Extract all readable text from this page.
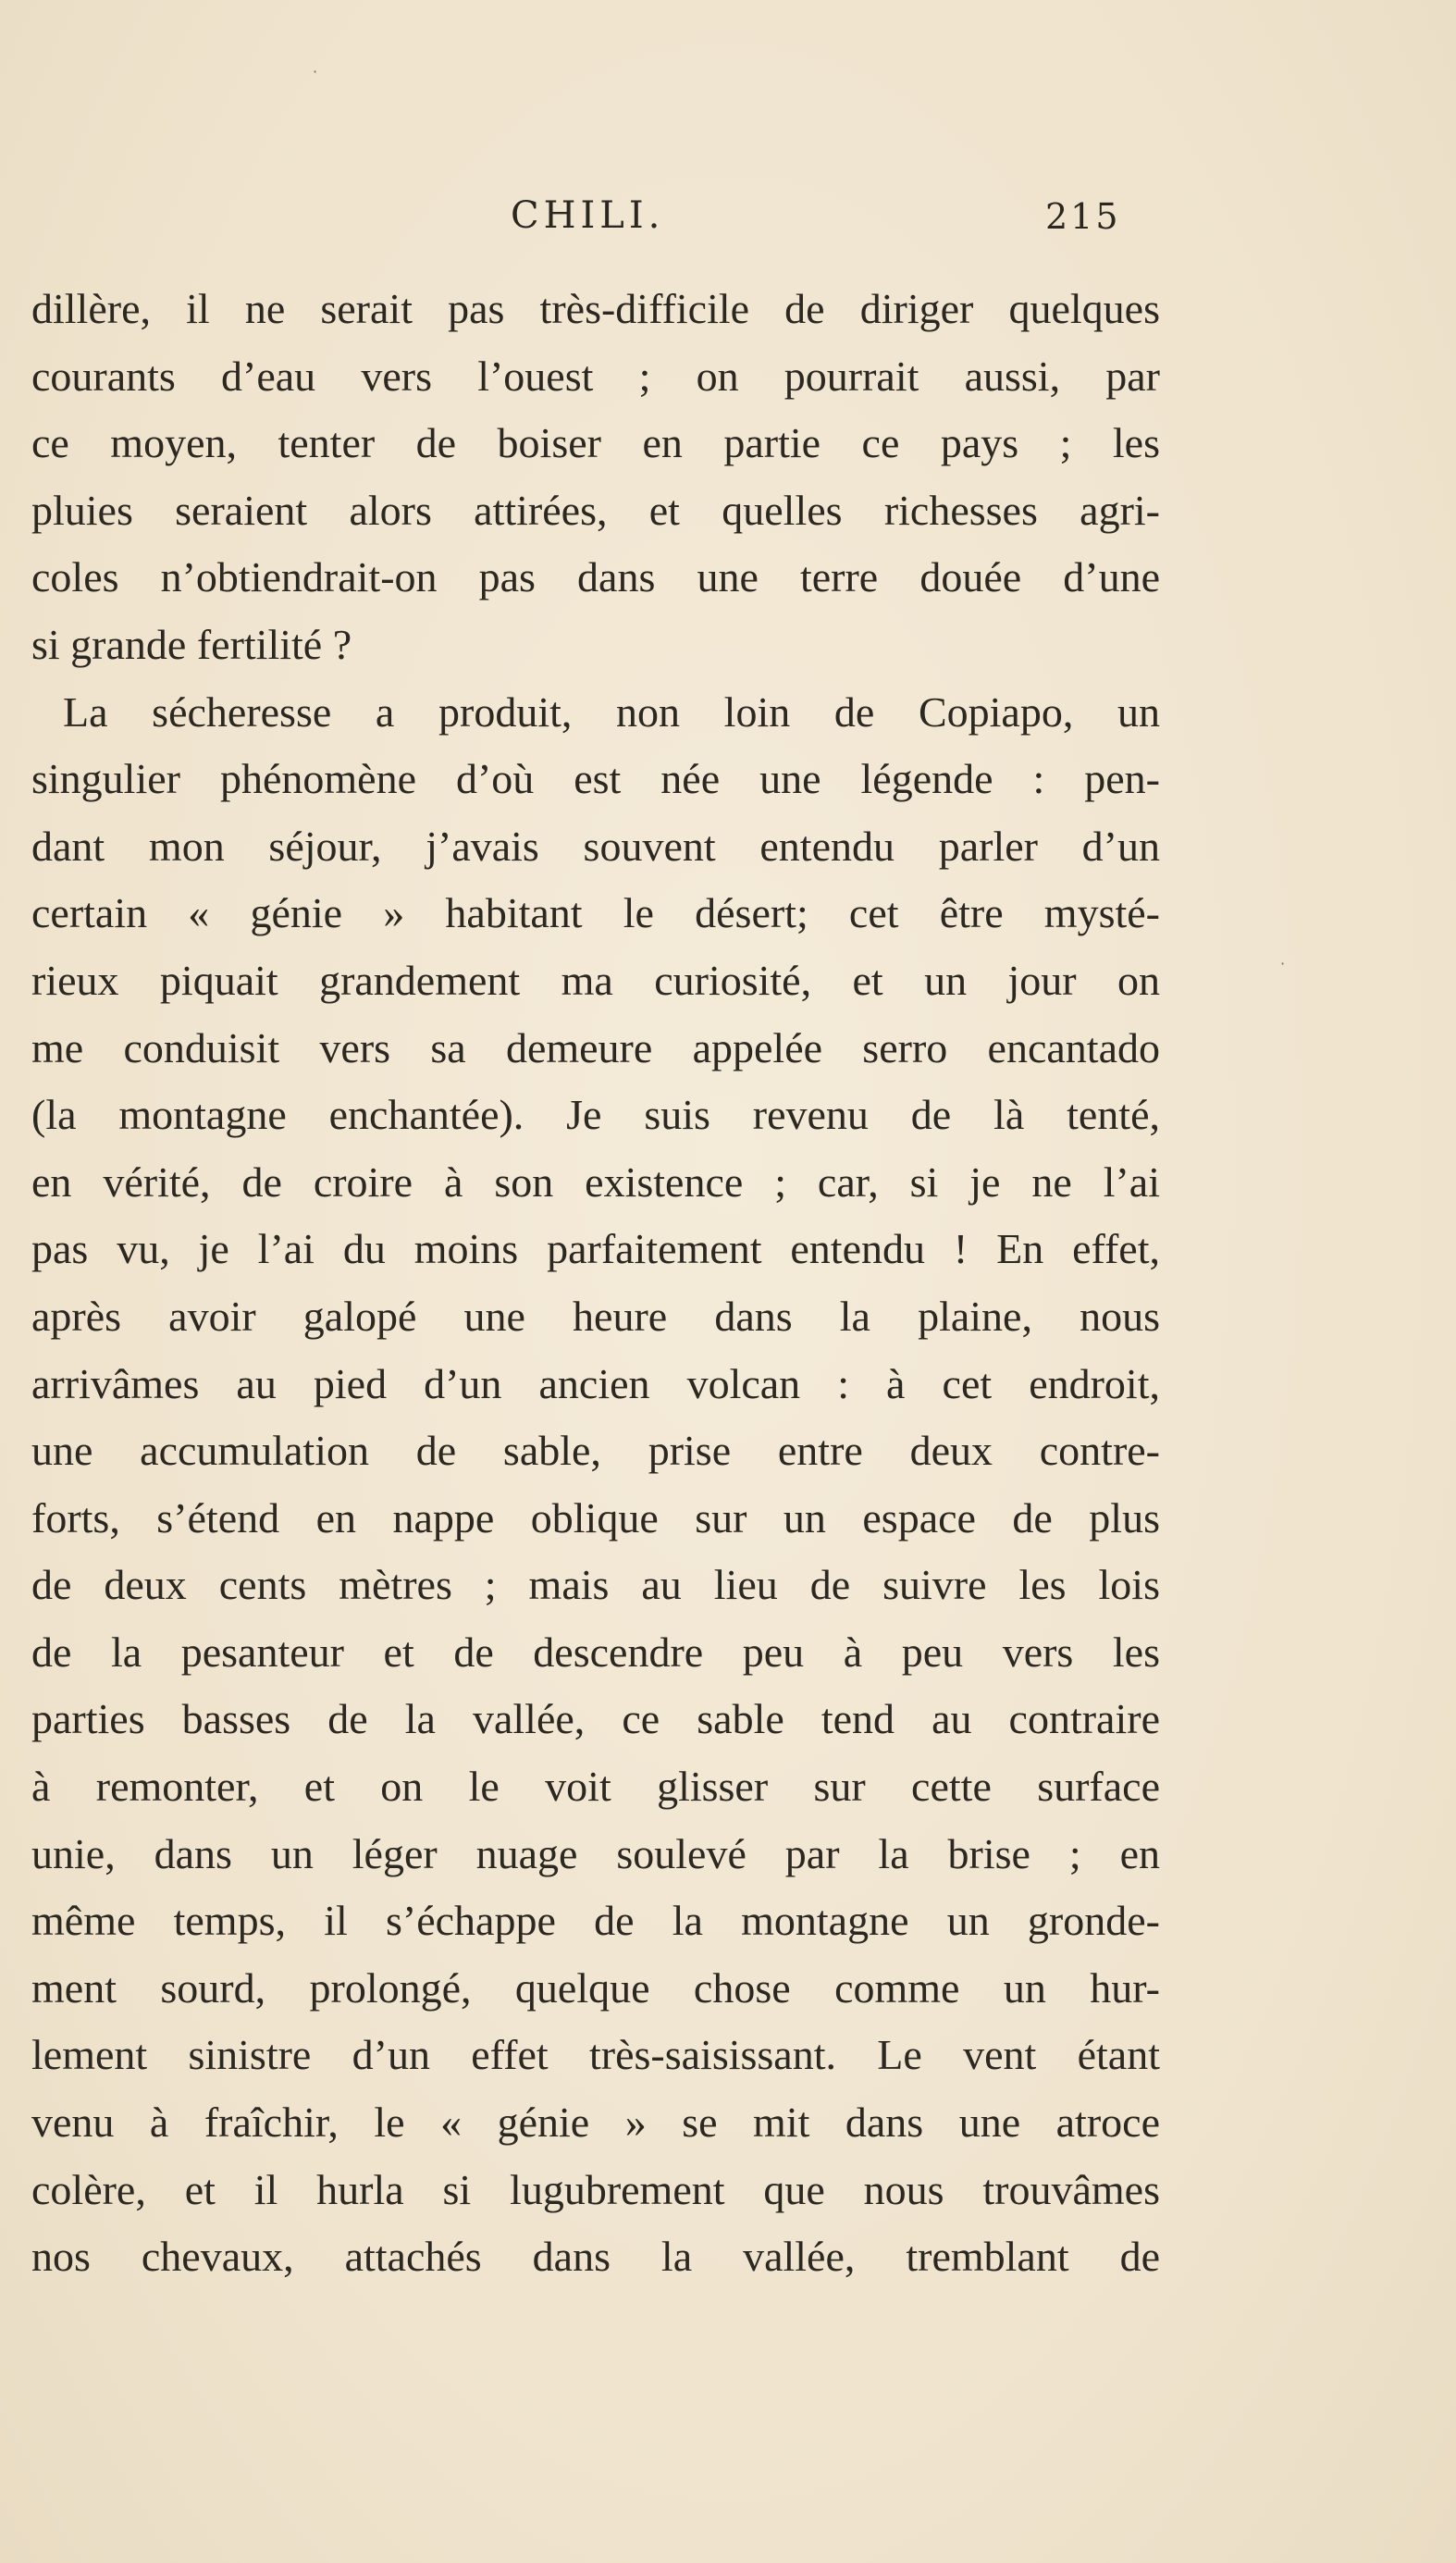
CHILI.	215
dillère, il ne serait pas très-difficile de diriger quelques
courants d’eau vers l’ouest ; on pourrait aussi, par
ce moyen, tenter de boiser en partie ce pays ; les
pluies seraient alors attirées, et quelles richesses agri-
coles n’obtiendrait-on pas dans une terre douée d’une
si grande fertilité ?
La sécheresse a produit, non loin de Copiapo, un
singulier phénomène d’où est née une légende : pen-
dant mon séjour, j’avais souvent entendu parler d’un
certain « génie » habitant le désert; cet être mysté-
rieux piquait grandement ma curiosité, et un jour on
me conduisit vers sa demeure appelée serro encantado
(la montagne enchantée). Je suis revenu de là tenté,
en vérité, de croire à son existence ; car, si je ne l’ai
pas vu, je l’ai du moins parfaitement entendu ! En effet,
après avoir galopé une heure dans la plaine, nous
arrivâmes au pied d’un ancien volcan : à cet endroit,
une accumulation de sable, prise entre deux contre-
forts, s’étend en nappe oblique sur un espace de plus
de deux cents mètres ; mais au lieu de suivre les lois
de la pesanteur et de descendre peu à peu vers les
parties basses de la vallée, ce sable tend au contraire
à remonter, et on le voit glisser sur cette surface
unie, dans un léger nuage soulevé par la brise ; en
même temps, il s’échappe de la montagne un gronde-
ment sourd, prolongé, quelque chose comme un hur-
lement sinistre d’un effet très-saisissant. Le vent étant
venu à fraîchir, le « génie » se mit dans une atroce
colère, et il hurla si lugubrement que nous trouvâmes
nos chevaux, attachés dans la vallée, tremblant de
·
·
